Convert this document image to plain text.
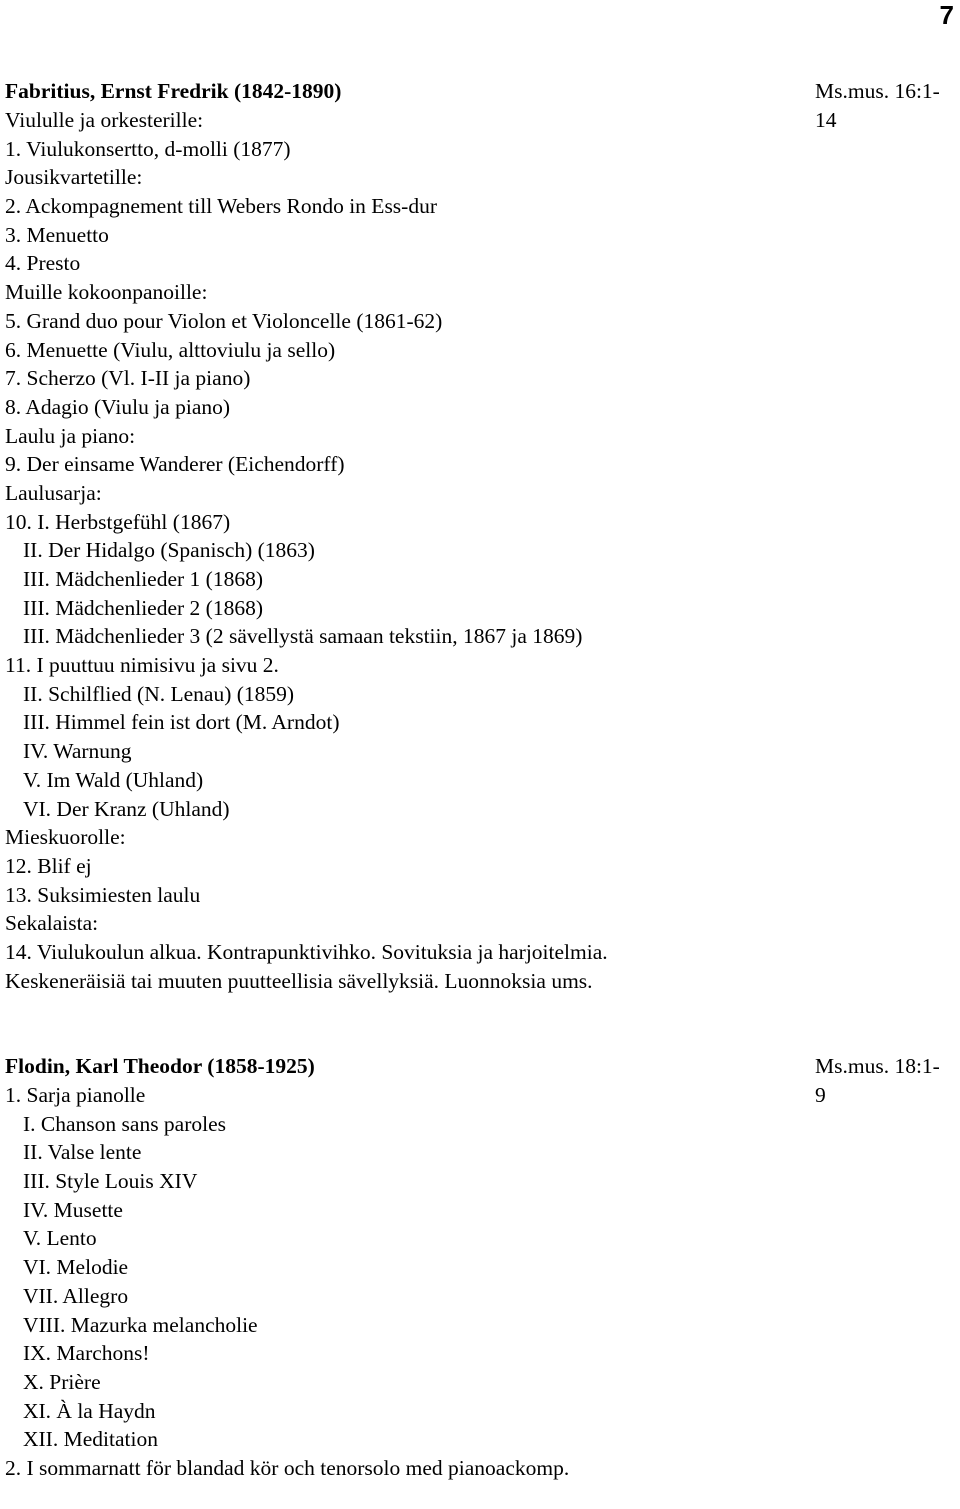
7
Fabritius, Ernst Fredrik (1842-1890)	Ms.mus. 16:1-
14
Viululle ja orkesterille:
1. Viulukonsertto, d-molli (1877)
Jousikvartetille:
2. Ackompagnement till Webers Rondo in Ess-dur
3. Menuetto
4. Presto
Muille kokoonpanoille:
5. Grand duo pour Violon et Violoncelle (1861-62)
6. Menuette (Viulu, alttoviulu ja sello)
7. Scherzo (Vl. I-II ja piano)
8. Adagio (Viulu ja piano)
Laulu ja piano:
9. Der einsame Wanderer (Eichendorff)
Laulusarja:
10. I. Herbstgefühl (1867)
II. Der Hidalgo (Spanisch) (1863)
III. Mädchenlieder 1 (1868)
III. Mädchenlieder 2 (1868)
III. Mädchenlieder 3 (2 sävellystä samaan tekstiin, 1867 ja 1869)
11. I puuttuu nimisivu ja sivu 2.
II. Schilflied (N. Lenau) (1859)
III. Himmel fein ist dort (M. Arndot)
IV. Warnung
V. Im Wald (Uhland)
VI. Der Kranz (Uhland)
Mieskuorolle:
12. Blif ej
13. Suksimiesten laulu
Sekalaista:
14. Viulukoulun alkua. Kontrapunktivihko. Sovituksia ja harjoitelmia.
Keskeneräisiä tai muuten puutteellisia sävellyksiä. Luonnoksia ums.
Flodin, Karl Theodor (1858-1925)	Ms.mus. 18:1-
9
1. Sarja pianolle
I. Chanson sans paroles
II. Valse lente
III. Style Louis XIV
IV. Musette
V. Lento
VI. Melodie
VII. Allegro
VIII. Mazurka melancholie
IX. Marchons!
X. Prière
XI. À la Haydn
XII. Meditation
2. I sommarnatt för blandad kör och tenorsolo med pianoackomp.
